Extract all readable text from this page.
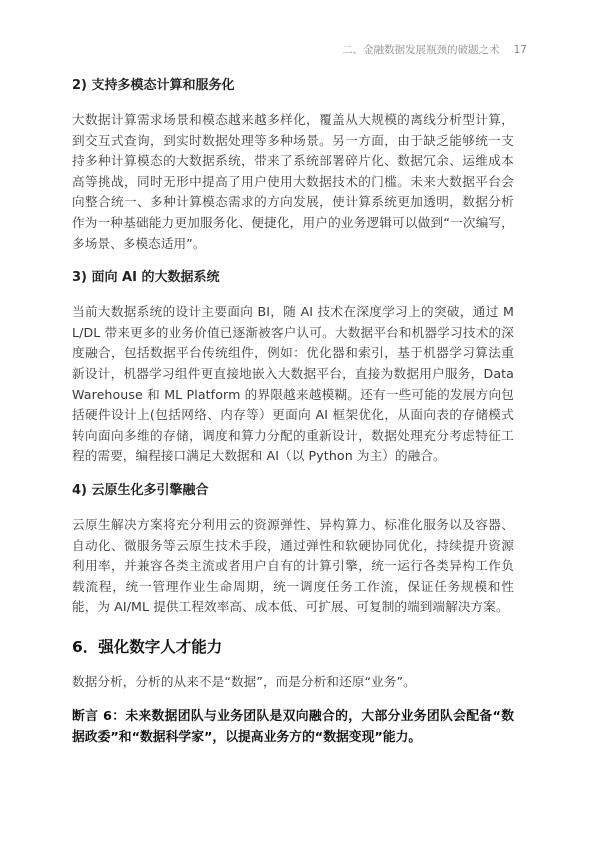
二、金融数据发展瓶颈的破题之术 17

2) 支持多模态计算和服务化

大数据计算需求场景和模态越来越多样化，覆盖从大规模的离线分析型计算，到交互式查询，到实时数据处理等多种场景。另一方面，由于缺乏能够统一支持多种计算模态的大数据系统，带来了系统部署碎片化、数据冗余、运维成本高等挑战，同时无形中提高了用户使用大数据技术的门槛。未来大数据平台会向整合统一、多种计算模态需求的方向发展，使计算系统更加透明，数据分析作为一种基础能力更加服务化、便捷化，用户的业务逻辑可以做到“一次编写，多场景、多模态适用”。

3) 面向 AI 的大数据系统

当前大数据系统的设计主要面向 BI，随 AI 技术在深度学习上的突破，通过 ML/DL 带来更多的业务价值已逐渐被客户认可。大数据平台和机器学习技术的深度融合，包括数据平台传统组件，例如：优化器和索引，基于机器学习算法重新设计，机器学习组件更直接地嵌入大数据平台，直接为数据用户服务，Data Warehouse 和 ML Platform 的界限越来越模糊。还有一些可能的发展方向包括硬件设计上(包括网络、内存等）更面向 AI 框架优化，从面向表的存储模式转向面向多维的存储，调度和算力分配的重新设计，数据处理充分考虑特征工程的需要，编程接口满足大数据和 AI（以 Python 为主）的融合。

4) 云原生化多引擎融合

云原生解决方案将充分利用云的资源弹性、异构算力、标准化服务以及容器、自动化、微服务等云原生技术手段，通过弹性和软硬协同优化，持续提升资源利用率，并兼容各类主流或者用户自有的计算引擎，统一运行各类异构工作负载流程，统一管理作业生命周期，统一调度任务工作流，保证任务规模和性能，为 AI/ML 提供工程效率高、成本低、可扩展、可复制的端到端解决方案。

6．强化数字人才能力

数据分析，分析的从来不是“数据”，而是分析和还原“业务”。

断言 6：未来数据团队与业务团队是双向融合的，大部分业务团队会配备“数据政委”和“数据科学家”，以提高业务方的“数据变现”能力。
